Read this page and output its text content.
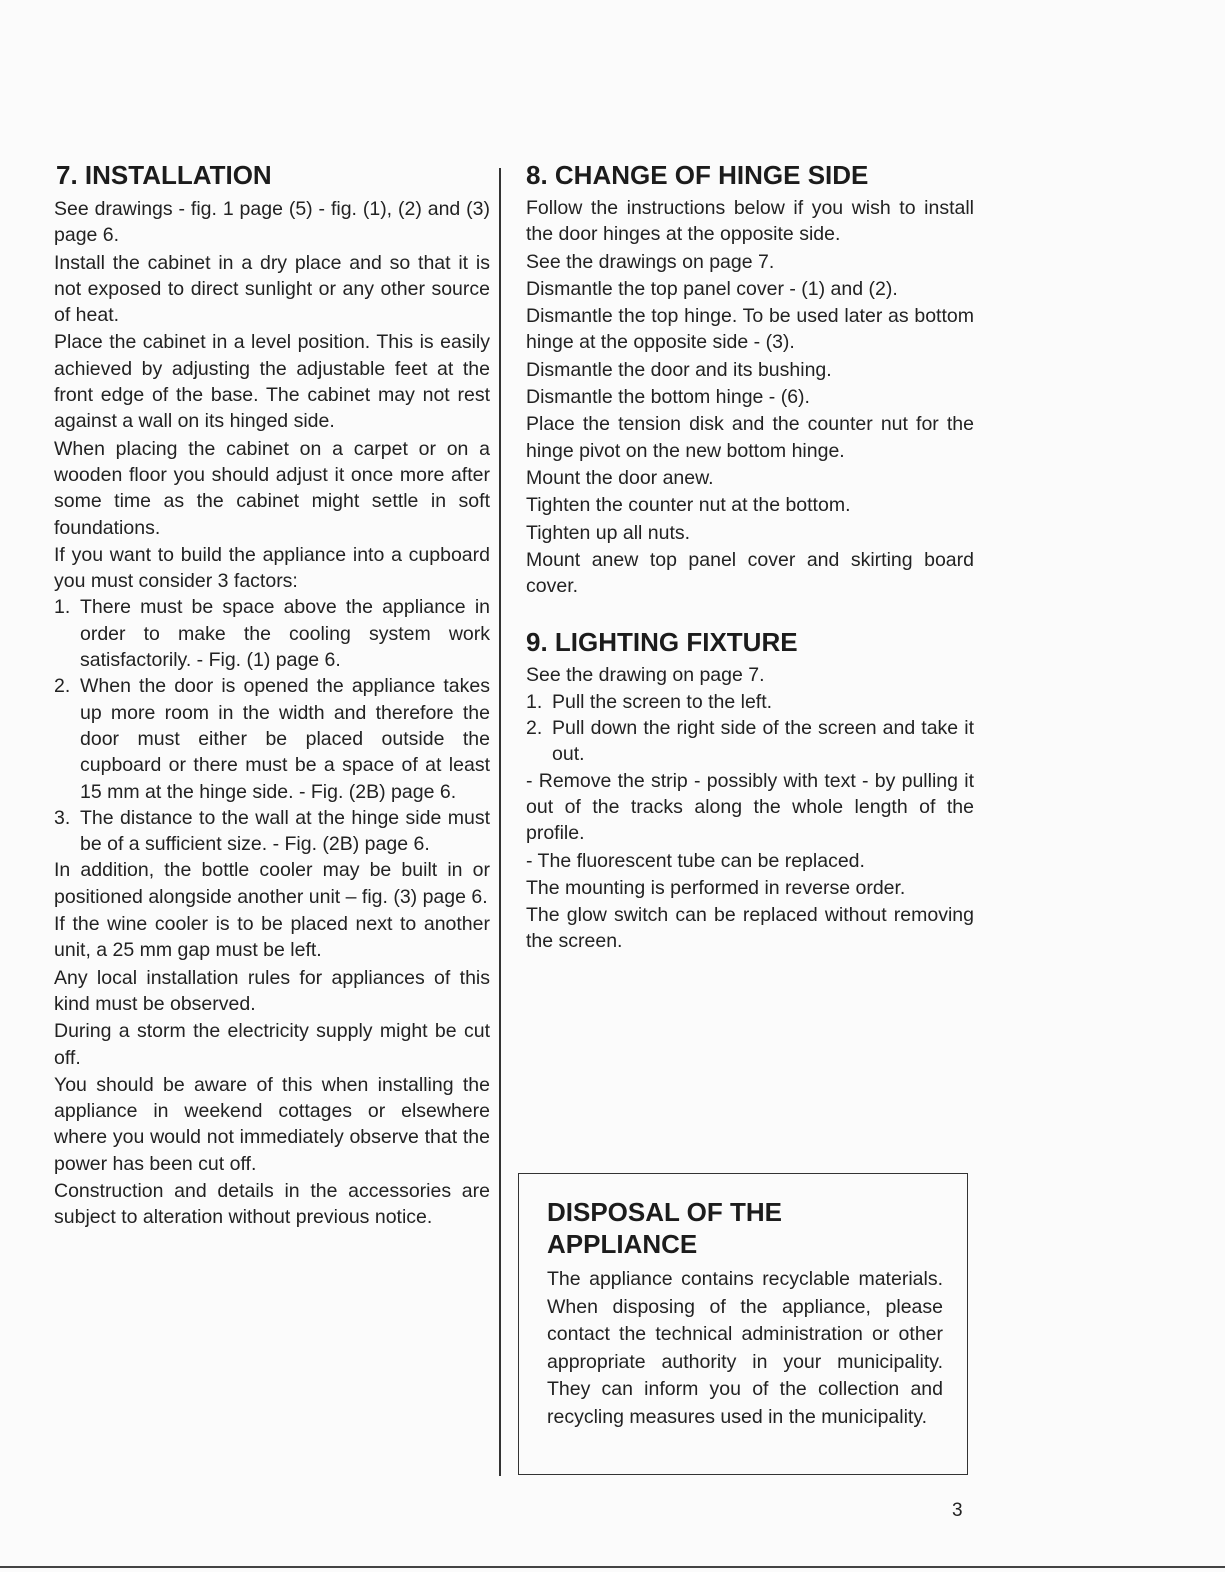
7. INSTALLATION

See drawings - fig. 1 page (5) - fig. (1), (2) and (3) page 6.

Install the cabinet in a dry place and so that it is not exposed to direct sunlight or any other source of heat.

Place the cabinet in a level position. This is easily achieved by adjusting the adjustable feet at the front edge of the base. The cabinet may not rest against a wall on its hinged side.

When placing the cabinet on a carpet or on a wooden floor you should adjust it once more after some time as the cabinet might settle in soft foundations.

If you want to build the appliance into a cupboard you must consider 3 factors:

1. There must be space above the appliance in order to make the cooling system work satisfactorily. - Fig. (1) page 6.
2. When the door is opened the appliance takes up more room in the width and therefore the door must either be placed outside the cupboard or there must be a space of at least 15 mm at the hinge side. - Fig. (2B) page 6.
3. The distance to the wall at the hinge side must be of a sufficient size. - Fig. (2B) page 6.

In addition, the bottle cooler may be built in or positioned alongside another unit – fig. (3) page 6.

If the wine cooler is to be placed next to another unit, a 25 mm gap must be left.

Any local installation rules for appliances of this kind must be observed.

During a storm the electricity supply might be cut off.

You should be aware of this when installing the appliance in weekend cottages or elsewhere where you would not immediately observe that the power has been cut off.

Construction and details in the accessories are subject to alteration without previous notice.

8. CHANGE OF HINGE SIDE

Follow the instructions below if you wish to install the door hinges at the opposite side.

See the drawings on page 7.

Dismantle the top panel cover - (1) and (2).

Dismantle the top hinge. To be used later as bottom hinge at the opposite side - (3).

Dismantle the door and its bushing.

Dismantle the bottom hinge - (6).

Place the tension disk and the counter nut for the hinge pivot on the new bottom hinge.

Mount the door anew.

Tighten the counter nut at the bottom.

Tighten up all nuts.

Mount anew top panel cover and skirting board cover.

9. LIGHTING FIXTURE

See the drawing on page 7.

1. Pull the screen to the left.
2. Pull down the right side of the screen and take it out.

- Remove the strip - possibly with text - by pulling it out of the tracks along the whole length of the profile.

- The fluorescent tube can be replaced.

The mounting is performed in reverse order.

The glow switch can be replaced without removing the screen.

DISPOSAL OF THE
APPLIANCE

The appliance contains recyclable materials. When disposing of the appliance, please contact the technical administration or other appropriate authority in your municipality. They can inform you of the collection and recycling measures used in the municipality.

3
